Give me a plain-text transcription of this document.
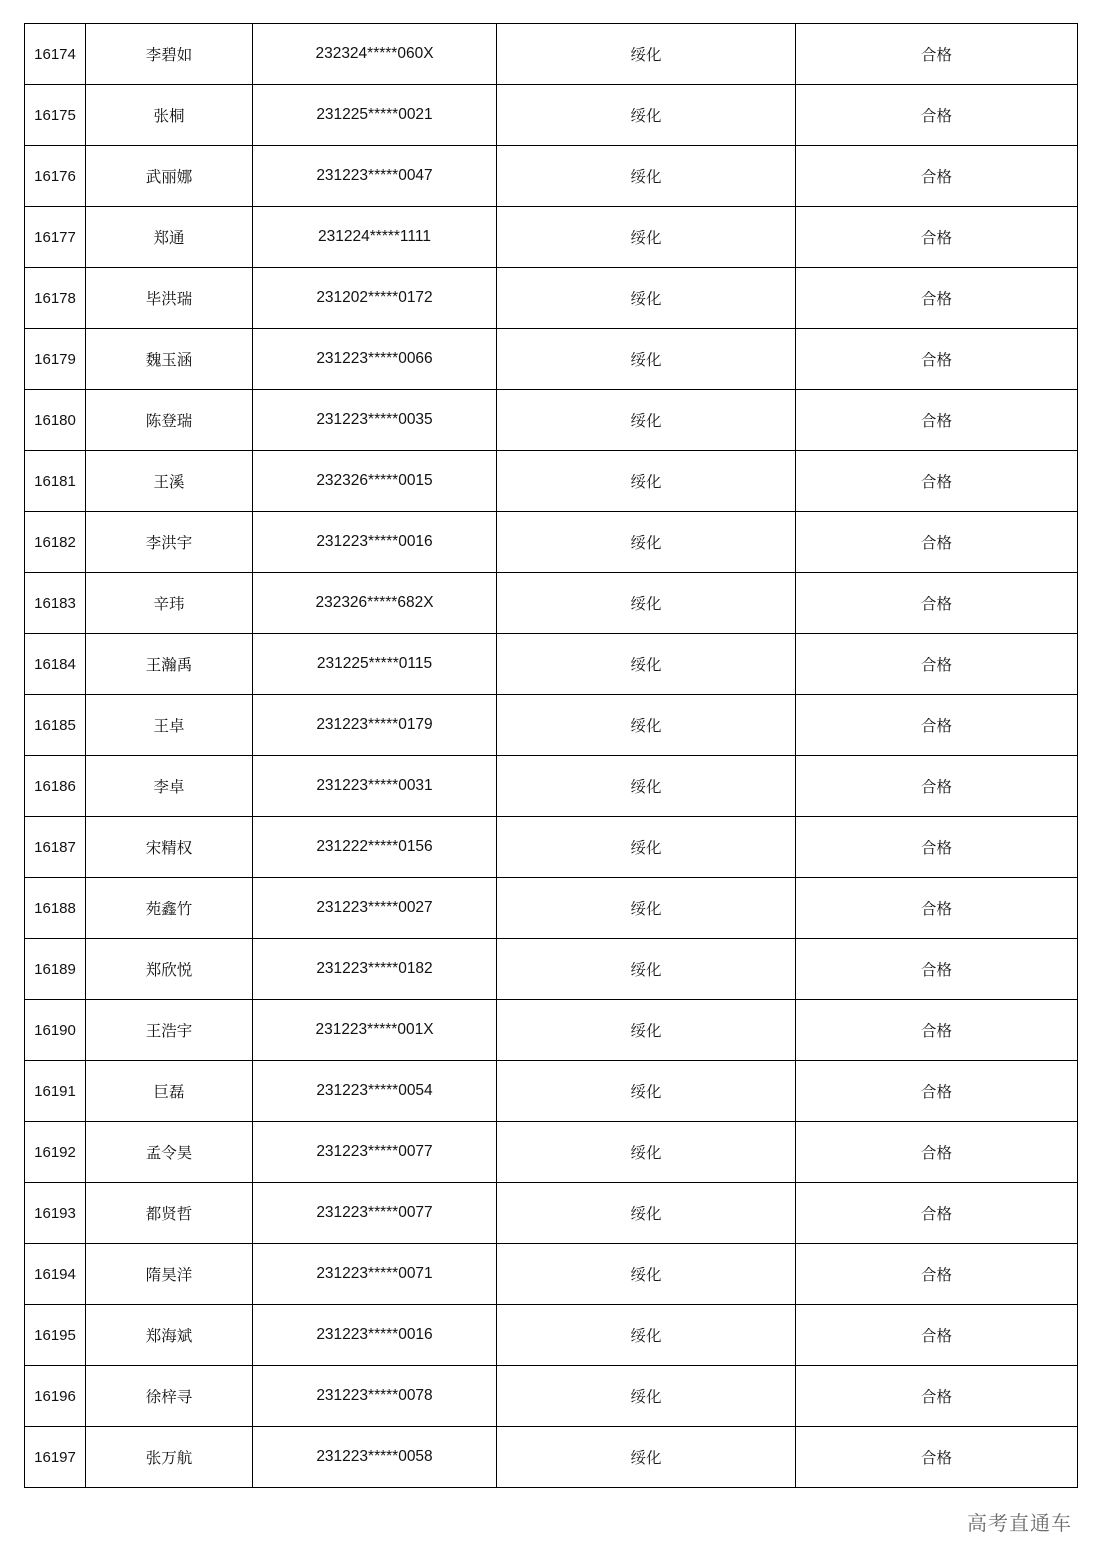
16174	李碧如	232324*****060X	绥化	合格
16175	张桐	231225*****0021	绥化	合格
16176	武丽娜	231223*****0047	绥化	合格
16177	郑通	231224*****1111	绥化	合格
16178	毕洪瑞	231202*****0172	绥化	合格
16179	魏玉涵	231223*****0066	绥化	合格
16180	陈登瑞	231223*****0035	绥化	合格
16181	王溪	232326*****0015	绥化	合格
16182	李洪宇	231223*****0016	绥化	合格
16183	辛玮	232326*****682X	绥化	合格
16184	王瀚禹	231225*****0115	绥化	合格
16185	王卓	231223*****0179	绥化	合格
16186	李卓	231223*****0031	绥化	合格
16187	宋精权	231222*****0156	绥化	合格
16188	苑鑫竹	231223*****0027	绥化	合格
16189	郑欣悦	231223*****0182	绥化	合格
16190	王浩宇	231223*****001X	绥化	合格
16191	巨磊	231223*****0054	绥化	合格
16192	孟令昊	231223*****0077	绥化	合格
16193	都贤哲	231223*****0077	绥化	合格
16194	隋昊洋	231223*****0071	绥化	合格
16195	郑海斌	231223*****0016	绥化	合格
16196	徐梓寻	231223*****0078	绥化	合格
16197	张万航	231223*****0058	绥化	合格
高考直通车
